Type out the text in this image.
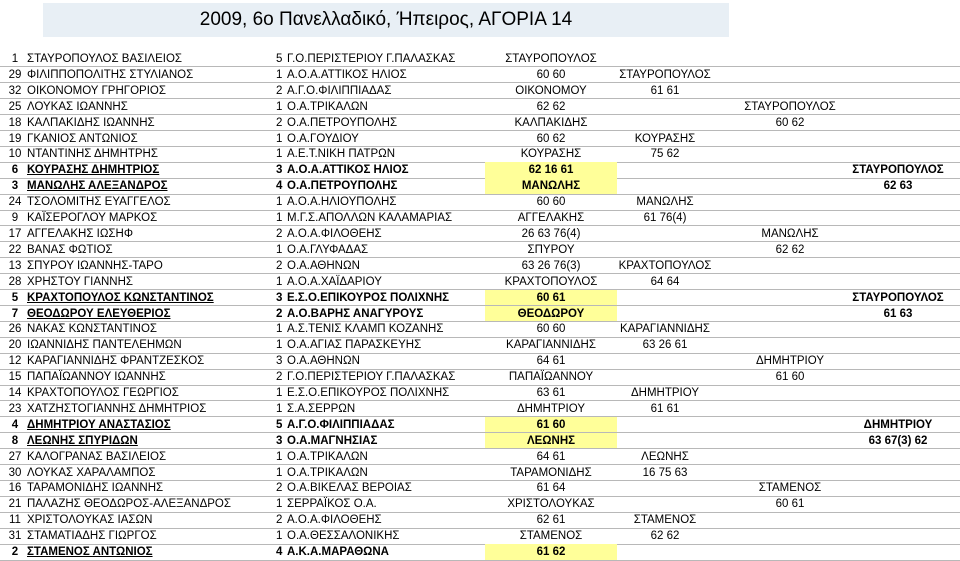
2009, 6ο Πανελλαδικό, Ήπειρος, ΑΓΟΡΙΑ 14
1 ΣΤΑΥΡΟΠΟΥΛΟΣ ΒΑΣΙΛΕΙΟΣ	5 Γ.Ο.ΠΕΡΙΣΤΕΡΙΟΥ Γ.ΠΑΛΑΣΚΑΣ	ΣΤΑΥΡΟΠΟΥΛΟΣ
29 ΦΙΛΙΠΠΟΠΟΛΙΤΗΣ ΣΤΥΛΙΑΝΟΣ	1 Α.Ο.Α.ΑΤΤΙΚΟΣ ΗΛΙΟΣ	60 60	ΣΤΑΥΡΟΠΟΥΛΟΣ
32 ΟΙΚΟΝΟΜΟΥ ΓΡΗΓΟΡΙΟΣ	2 Α.Γ.Ο.ΦΙΛΙΠΠΙΑΔΑΣ	ΟΙΚΟΝΟΜΟΥ	61 61
25 ΛΟΥΚΑΣ ΙΩΑΝΝΗΣ	1 Ο.Α.ΤΡΙΚΑΛΩΝ	62 62	ΣΤΑΥΡΟΠΟΥΛΟΣ
18 ΚΑΛΠΑΚΙΔΗΣ ΙΩΑΝΝΗΣ	2 Ο.Α.ΠΕΤΡΟΥΠΟΛΗΣ	ΚΑΛΠΑΚΙΔΗΣ	60 62
19 ΓΚΑΝΙΟΣ ΑΝΤΩΝΙΟΣ	1 Ο.Α.ΓΟΥΔΙΟΥ	60 62	ΚΟΥΡΑΣΗΣ
10 ΝΤΑΝΤΙΝΗΣ ΔΗΜΗΤΡΗΣ	1 Α.Ε.Τ.ΝΙΚΗ ΠΑΤΡΩΝ	ΚΟΥΡΑΣΗΣ	75 62
6 ΚΟΥΡΑΣΗΣ ΔΗΜΗΤΡΙΟΣ	3 Α.Ο.Α.ΑΤΤΙΚΟΣ ΗΛΙΟΣ	62 16 61	ΣΤΑΥΡΟΠΟΥΛΟΣ
3 ΜΑΝΩΛΗΣ ΑΛΕΞΑΝΔΡΟΣ	4 Ο.Α.ΠΕΤΡΟΥΠΟΛΗΣ	ΜΑΝΩΛΗΣ	62 63
24 ΤΣΟΛΟΜΙΤΗΣ ΕΥΑΓΓΕΛΟΣ	1 Α.Ο.Α.ΗΛΙΟΥΠΟΛΗΣ	60 60	ΜΑΝΩΛΗΣ
9 ΚΑΪΣΕΡΟΓΛΟΥ ΜΑΡΚΟΣ	1 Μ.Γ.Σ.ΑΠΟΛΛΩΝ ΚΑΛΑΜΑΡΙΑΣ	ΑΓΓΕΛΑΚΗΣ	61 76(4)
17 ΑΓΓΕΛΑΚΗΣ ΙΩΣΗΦ	2 Α.Ο.Α.ΦΙΛΟΘΕΗΣ	26 63 76(4)	ΜΑΝΩΛΗΣ
22 ΒΑΝΑΣ ΦΩΤΙΟΣ	1 Ο.Α.ΓΛΥΦΑΔΑΣ	ΣΠΥΡΟΥ	62 62
13 ΣΠΥΡΟΥ ΙΩΑΝΝΗΣ-ΤΑΡΟ	2 Ο.Α.ΑΘΗΝΩΝ	63 26 76(3)	ΚΡΑΧΤΟΠΟΥΛΟΣ
28 ΧΡΗΣΤΟΥ ΓΙΑΝΝΗΣ	1 Α.Ο.Α.ΧΑΪΔΑΡΙΟΥ	ΚΡΑΧΤΟΠΟΥΛΟΣ	64 64
5 ΚΡΑΧΤΟΠΟΥΛΟΣ ΚΩΝΣΤΑΝΤΙΝΟΣ	3 Ε.Σ.Ο.ΕΠΙΚΟΥΡΟΣ ΠΟΛΙΧΝΗΣ	60 61	ΣΤΑΥΡΟΠΟΥΛΟΣ
7 ΘΕΟΔΩΡΟΥ ΕΛΕΥΘΕΡΙΟΣ	2 Α.Ο.ΒΑΡΗΣ ΑΝΑΓΥΡΟΥΣ	ΘΕΟΔΩΡΟΥ	61 63
26 ΝΑΚΑΣ ΚΩΝΣΤΑΝΤΙΝΟΣ	1 Α.Σ.ΤΕΝΙΣ ΚΛΑΜΠ ΚΟΖΑΝΗΣ	60 60	ΚΑΡΑΓΙΑΝΝΙΔΗΣ
20 ΙΩΑΝΝΙΔΗΣ ΠΑΝΤΕΛΕΗΜΩΝ	1 Ο.Α.ΑΓΙΑΣ ΠΑΡΑΣΚΕΥΗΣ	ΚΑΡΑΓΙΑΝΝΙΔΗΣ	63 26 61
12 ΚΑΡΑΓΙΑΝΝΙΔΗΣ ΦΡΑΝΤΖΕΣΚΟΣ	3 Ο.Α.ΑΘΗΝΩΝ	64 61	ΔΗΜΗΤΡΙΟΥ
15 ΠΑΠΑΪΩΑΝΝΟΥ ΙΩΑΝΝΗΣ	2 Γ.Ο.ΠΕΡΙΣΤΕΡΙΟΥ Γ.ΠΑΛΑΣΚΑΣ	ΠΑΠΑΪΩΑΝΝΟΥ	61 60
14 ΚΡΑΧΤΟΠΟΥΛΟΣ ΓΕΩΡΓΙΟΣ	1 Ε.Σ.Ο.ΕΠΙΚΟΥΡΟΣ ΠΟΛΙΧΝΗΣ	63 61	ΔΗΜΗΤΡΙΟΥ
23 ΧΑΤΖΗΣΤΟΓΙΑΝΝΗΣ ΔΗΜΗΤΡΙΟΣ	1 Σ.Α.ΣΕΡΡΩΝ	ΔΗΜΗΤΡΙΟΥ	61 61
4 ΔΗΜΗΤΡΙΟΥ ΑΝΑΣΤΑΣΙΟΣ	5 Α.Γ.Ο.ΦΙΛΙΠΠΙΑΔΑΣ	61 60	ΔΗΜΗΤΡΙΟΥ
8 ΛΕΩΝΗΣ ΣΠΥΡΙΔΩΝ	3 Ο.Α.ΜΑΓΝΗΣΙΑΣ	ΛΕΩΝΗΣ	63 67(3) 62
27 ΚΑΛΟΓΡΑΝΑΣ ΒΑΣΙΛΕΙΟΣ	1 Ο.Α.ΤΡΙΚΑΛΩΝ	64 61	ΛΕΩΝΗΣ
30 ΛΟΥΚΑΣ ΧΑΡΑΛΑΜΠΟΣ	1 Ο.Α.ΤΡΙΚΑΛΩΝ	ΤΑΡΑΜΟΝΙΔΗΣ	16 75 63
16 ΤΑΡΑΜΟΝΙΔΗΣ ΙΩΑΝΝΗΣ	2 Ο.Α.ΒΙΚΕΛΑΣ ΒΕΡΟΙΑΣ	61 64	ΣΤΑΜΕΝΟΣ
21 ΠΑΛΑΖΗΣ ΘΕΟΔΩΡΟΣ-ΑΛΕΞΑΝΔΡΟΣ	1 ΣΕΡΡΑΪΚΟΣ Ο.Α.	ΧΡΙΣΤΟΛΟΥΚΑΣ	60 61
11 ΧΡΙΣΤΟΛΟΥΚΑΣ ΙΑΣΩΝ	2 Α.Ο.Α.ΦΙΛΟΘΕΗΣ	62 61	ΣΤΑΜΕΝΟΣ
31 ΣΤΑΜΑΤΙΑΔΗΣ ΓΙΩΡΓΟΣ	1 Ο.Α.ΘΕΣΣΑΛΟΝΙΚΗΣ	ΣΤΑΜΕΝΟΣ	62 62
2 ΣΤΑΜΕΝΟΣ ΑΝΤΩΝΙΟΣ	4 Α.Κ.Α.ΜΑΡΑΘΩΝΑ	61 62
